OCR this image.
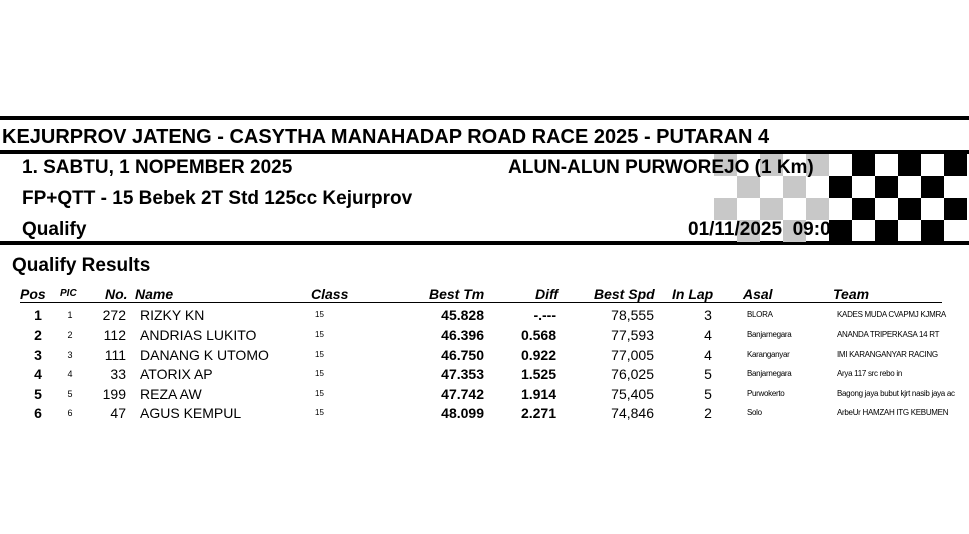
KEJURPROV JATENG - CASYTHA MANAHADAP ROAD RACE 2025 - PUTARAN 4
1. SABTU, 1 NOPEMBER 2025	ALUN-ALUN PURWOREJO (1 Km)
FP+QTT - 15 Bebek 2T Std 125cc Kejurprov
Qualify	01/11/2025  09:00
Qualify Results
Pos PIC No. Name	Class	Best Tm	Diff	Best Spd In Lap Asal	Team
1	1	272 RIZKY KN	15	45.828	-.---	78,555	3	BLORA	KADES MUDA CVAPMJ KJMRA
2	2	112 ANDRIAS LUKITO	15	46.396	0.568	77,593	4	Banjarnegara	ANANDA TRIPERKASA 14 RT
3	3	111 DANANG K UTOMO	15	46.750	0.922	77,005	4	Karanganyar	IMI KARANGANYAR RACING
4	4	33 ATORIX AP	15	47.353	1.525	76,025	5	Banjarnegara	Arya 117 src rebo in
5	5	199 REZA AW	15	47.742	1.914	75,405	5	Purwokerto	Bagong jaya bubut kjrt nasib jaya ac
6	6	47 AGUS KEMPUL	15	48.099	2.271	74,846	2	Solo	ArbeUr HAMZAH ITG KEBUMEN
